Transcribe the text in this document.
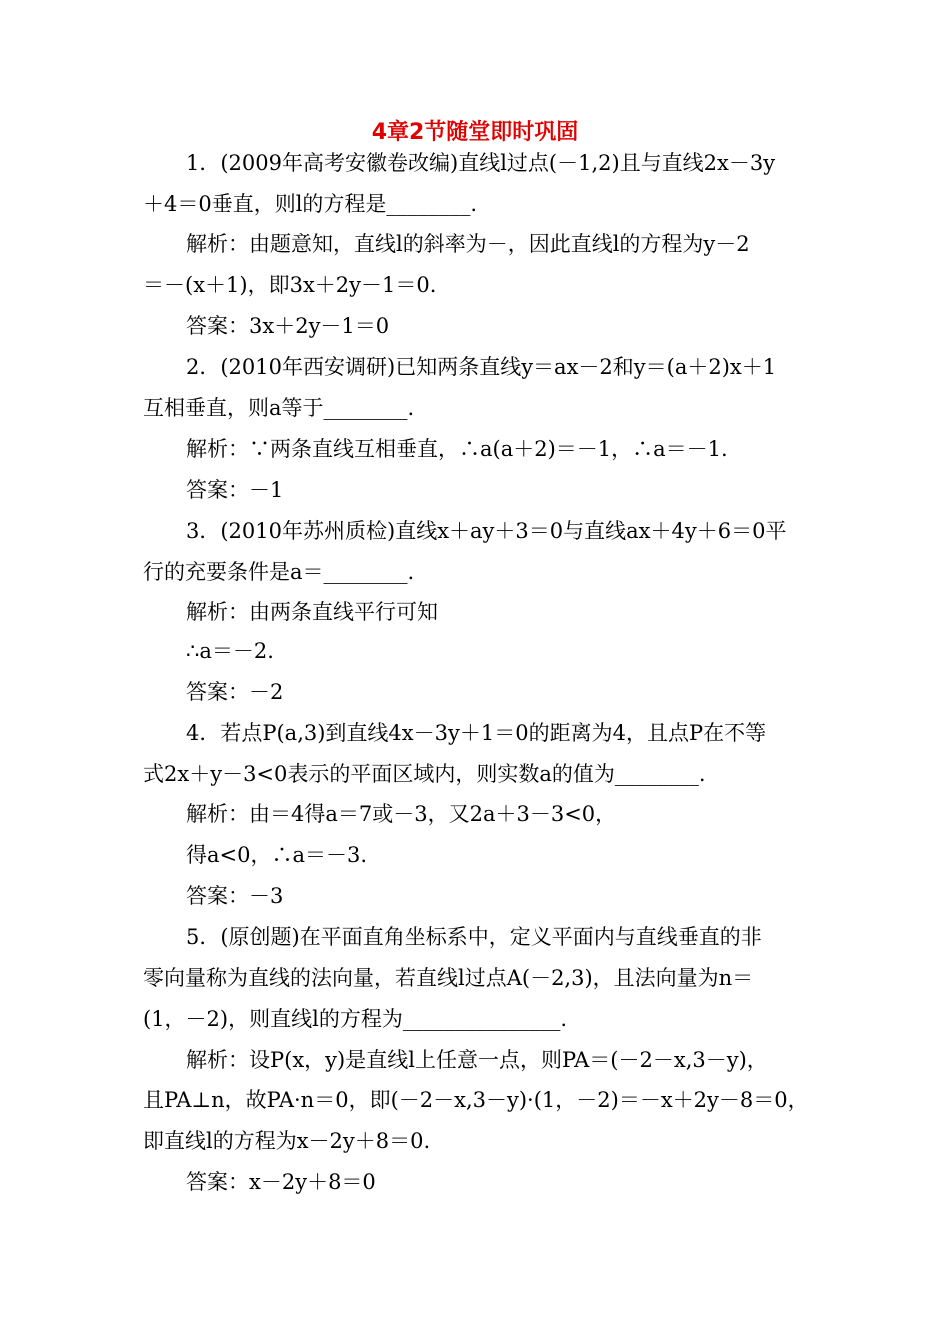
4章2节随堂即时巩固
1．(2009年高考安徽卷改编)直线l过点(－1,2)且与直线2x－3y
＋4＝0垂直，则l的方程是________.
解析：由题意知，直线l的斜率为－，因此直线l的方程为y－2
＝－(x＋1)，即3x＋2y－1＝0.
答案：3x＋2y－1＝0
2．(2010年西安调研)已知两条直线y＝ax－2和y＝(a＋2)x＋1
互相垂直，则a等于________.
解析：∵两条直线互相垂直，∴a(a＋2)＝－1，∴a＝－1.
答案：－1
3．(2010年苏州质检)直线x＋ay＋3＝0与直线ax＋4y＋6＝0平
行的充要条件是a＝________.
解析：由两条直线平行可知
∴a＝－2.
答案：－2
4．若点P(a,3)到直线4x－3y＋1＝0的距离为4，且点P在不等
式2x＋y－3<0表示的平面区域内，则实数a的值为________.
解析：由＝4得a＝7或－3，又2a＋3－3<0，
得a<0，∴a＝－3.
答案：－3
5．(原创题)在平面直角坐标系中，定义平面内与直线垂直的非
零向量称为直线的法向量，若直线l过点A(－2,3)，且法向量为n＝
(1，－2)，则直线l的方程为_______________.
解析：设P(x，y)是直线l上任意一点，则PA＝(－2－x,3－y)，
且PA⊥n，故PA·n＝0，即(－2－x,3－y)·(1，－2)＝－x＋2y－8＝0，
即直线l的方程为x－2y＋8＝0.
答案：x－2y＋8＝0
